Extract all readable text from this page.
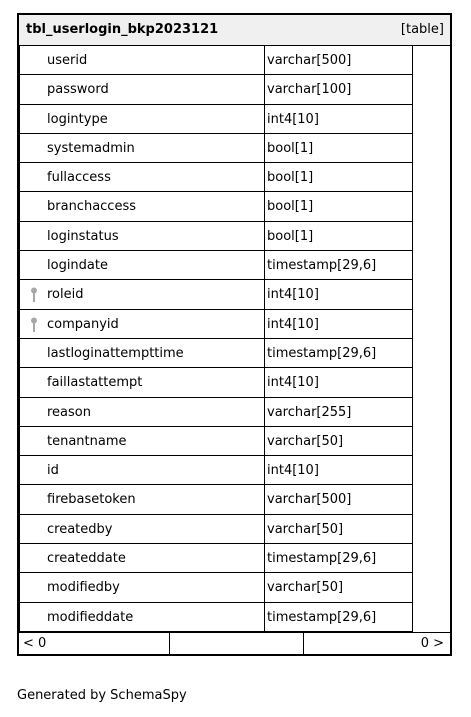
tbl_userlogin_bkp2023121	[table]
userid	varchar[500]
password	varchar[100]
logintype	int4[10]
systemadmin	bool[1]
fullaccess	bool[1]
branchaccess	bool[1]
loginstatus	bool[1]
logindate	timestamp[29,6]
roleid	int4[10]
companyid	int4[10]
lastloginattempttime	timestamp[29,6]
faillastattempt	int4[10]
reason	varchar[255]
tenantname	varchar[50]
id	int4[10]
firebasetoken	varchar[500]
createdby	varchar[50]
createddate	timestamp[29,6]
modifiedby	varchar[50]
modifieddate	timestamp[29,6]
< 0	0 >
Generated by SchemaSpy
